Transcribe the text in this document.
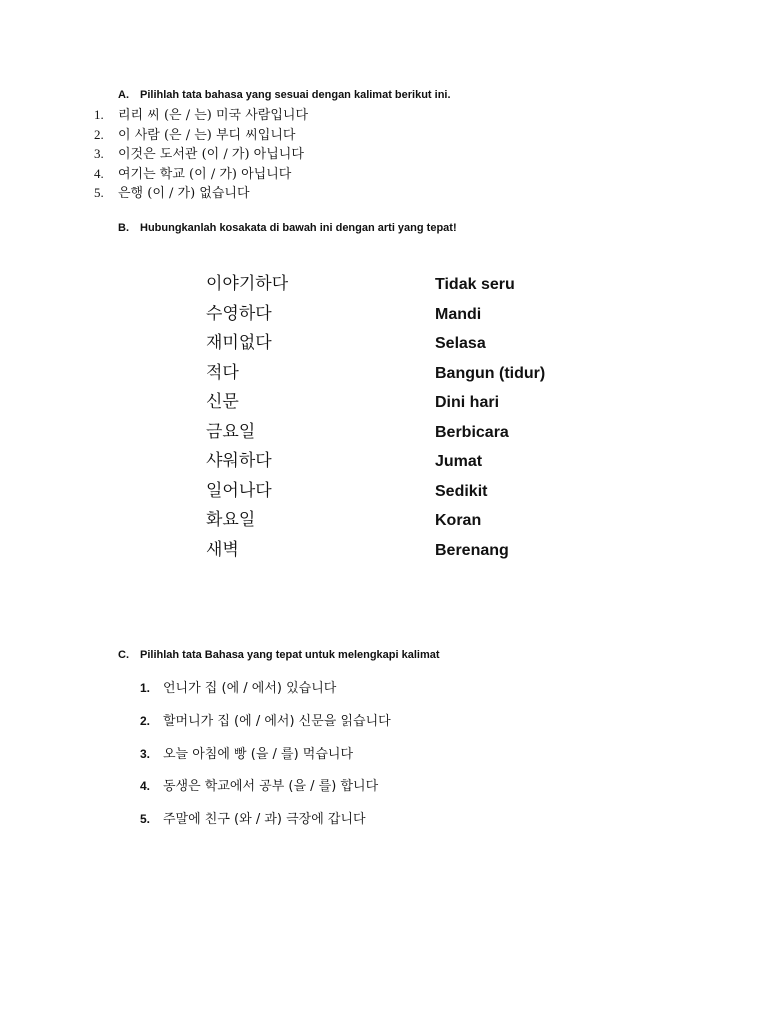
A. Pilihlah tata bahasa yang sesuai dengan kalimat berikut ini.
1. 리리 씨 (은 / 는) 미국 사람입니다
2. 이 사람 (은 / 는) 부디 씨입니다
3. 이것은 도서관 (이 / 가) 아닙니다
4. 여기는 학교 (이 / 가) 아닙니다
5. 은행 (이 / 가) 없습니다
B. Hubungkanlah kosakata di bawah ini dengan arti yang tepat!
이야기하다
수영하다
재미없다
적다
신문
금요일
샤워하다
일어나다
화요일
새벽
Tidak seru
Mandi
Selasa
Bangun (tidur)
Dini hari
Berbicara
Jumat
Sedikit
Koran
Berenang
C. Pilihlah tata Bahasa yang tepat untuk melengkapi kalimat
1. 언니가 집 (에 / 에서) 있습니다
2. 할머니가 집 (에 / 에서) 신문을 읽습니다
3. 오늘 아침에 빵 (을 / 를) 먹습니다
4. 동생은 학교에서 공부 (을 / 를) 합니다
5. 주말에 친구 (와 / 과) 극장에 갑니다
